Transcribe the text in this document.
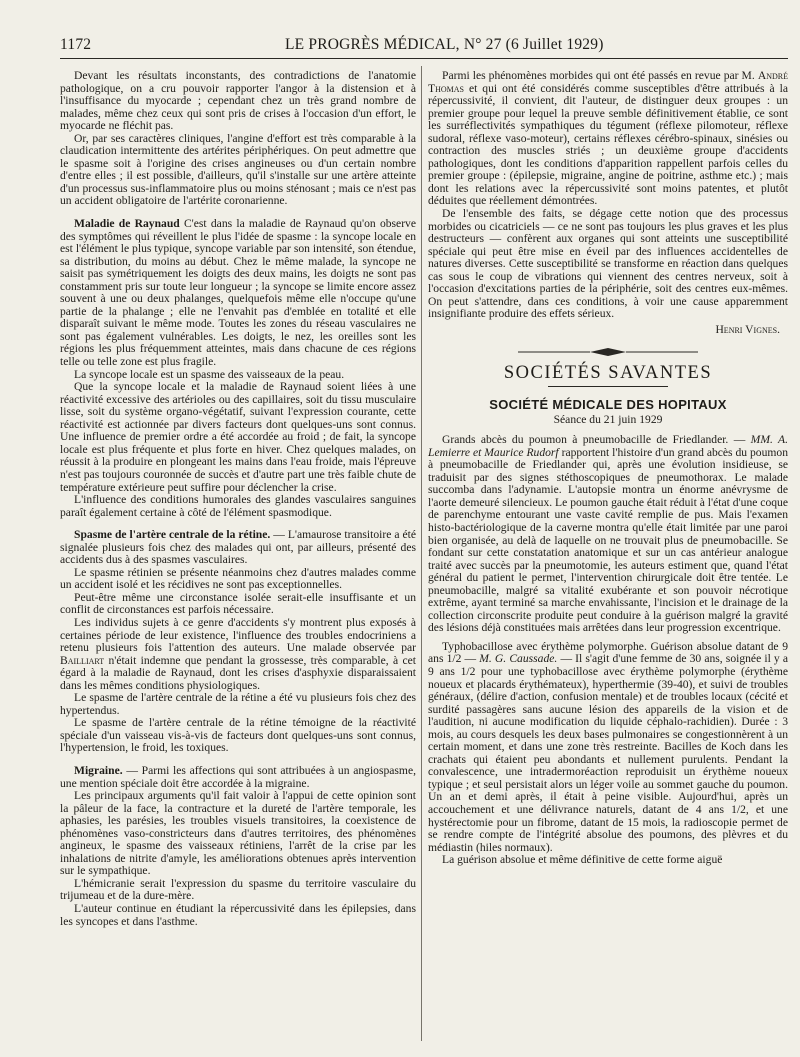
1172	LE PROGRÈS MÉDICAL, N° 27 (6 Juillet 1929)

Devant les résultats inconstants, des contradictions de l'anatomie pathologique, on a cru pouvoir rapporter l'angor à la distension et à l'insuffisance du myocarde ; cependant chez un très grand nombre de malades, même chez ceux qui sont pris de crises à l'occasion d'un effort, le myocarde ne fléchit pas.

Or, par ses caractères cliniques, l'angine d'effort est très comparable à la claudication intermittente des artérites périphériques. On peut admettre que le spasme soit à l'origine des crises angineuses ou d'un certain nombre d'entre elles ; il est possible, d'ailleurs, qu'il s'installe sur une artère atteinte d'un processus sus-inflammatoire plus ou moins sténosant ; mais ce n'est pas un accident obligatoire de l'artérite coronarienne.

Maladie de Raynaud C'est dans la maladie de Raynaud qu'on observe des symptômes qui réveillent le plus l'idée de spasme : la syncope locale en est l'élément le plus typique, syncope variable par son intensité, son étendue, sa distribution, du moins au début. Chez le même malade, la syncope ne saisit pas symétriquement les doigts des deux mains, les doigts ne sont pas constamment pris sur toute leur longueur ; la syncope se limite encore assez souvent à une ou deux phalanges, quelquefois même elle n'occupe qu'une partie de la phalange ; elle ne l'envahit pas d'emblée en totalité et elle disparaît suivant le même mode. Toutes les zones du réseau vasculaires ne sont pas également vulnérables. Les doigts, le nez, les oreilles sont les régions les plus fréquemment atteintes, mais dans chacune de ces régions telle ou telle zone est plus fragile.

La syncope locale est un spasme des vaisseaux de la peau.

Que la syncope locale et la maladie de Raynaud soient liées à une réactivité excessive des artérioles ou des capillaires, soit du tissu musculaire lisse, soit du système organo-végétatif, suivant l'expression courante, cette réactivité est actionnée par divers facteurs dont quelques-uns sont connus. Une influence de premier ordre a été accordée au froid ; de fait, la syncope locale est plus fréquente et plus forte en hiver. Chez quelques malades, on réussit à la produire en plongeant les mains dans l'eau froide, mais l'épreuve n'est pas toujours couronnée de succès et d'autre part une très faible chute de température extérieure peut suffire pour déclencher la crise.

L'influence des conditions humorales des glandes vasculaires sanguines paraît également certaine à côté de l'élément spasmodique.

Spasme de l'artère centrale de la rétine. — L'amaurose transitoire a été signalée plusieurs fois chez des malades qui ont, par ailleurs, présenté des accidents dus à des spasmes vasculaires.

Le spasme rétinien se présente néanmoins chez d'autres malades comme un accident isolé et les récidives ne sont pas exceptionnelles.

Peut-être même une circonstance isolée serait-elle insuffisante et un conflit de circonstances est parfois nécessaire.

Les individus sujets à ce genre d'accidents s'y montrent plus exposés à certaines période de leur existence, l'influence des troubles endocriniens a retenu plusieurs fois l'attention des auteurs. Une malade observée par Bailliart n'était indemne que pendant la grossesse, très comparable, à cet égard à la maladie de Raynaud, dont les crises d'asphyxie disparaissaient dans les mêmes conditions physiologiques.

Le spasme de l'artère centrale de la rétine a été vu plusieurs fois chez des hypertendus.

Le spasme de l'artère centrale de la rétine témoigne de la réactivité spéciale d'un vaisseau vis-à-vis de facteurs dont quelques-uns sont connus, l'hypertension, le froid, les toxiques.

Migraine. — Parmi les affections qui sont attribuées à un angiospasme, une mention spéciale doit être accordée à la migraine.

Les principaux arguments qu'il fait valoir à l'appui de cette opinion sont la pâleur de la face, la contracture et la dureté de l'artère temporale, les aphasies, les parésies, les troubles visuels transitoires, la coexistence de phénomènes vaso-constricteurs dans d'autres territoires, des phénomènes angineux, le spasme des vaisseaux rétiniens, l'arrêt de la crise par les inhalations de nitrite d'amyle, les améliorations obtenues après intervention sur le sympathique.

L'hémicranie serait l'expression du spasme du territoire vasculaire du trijumeau et de la dure-mère.

L'auteur continue en étudiant la répercussivité dans les épilepsies, dans les syncopes et dans l'asthme.

Parmi les phénomènes morbides qui ont été passés en revue par M. André Thomas et qui ont été considérés comme susceptibles d'être attribués à la répercussivité, il convient, dit l'auteur, de distinguer deux groupes : un premier groupe pour lequel la preuve semble définitivement établie, ce sont les surréflectivités sympathiques du tégument (réflexe pilomoteur, réflexe sudoral, réflexe vaso-moteur), certains réflexes cérébro-spinaux, sinésies ou contraction des muscles striés ; un deuxième groupe d'accidents pathologiques, dont les conditions d'apparition rappellent parfois celles du premier groupe : (épilepsie, migraine, angine de poitrine, asthme etc.) ; mais dont les relations avec la répercussivité sont moins patentes, et plutôt déduites que réellement démontrées.

De l'ensemble des faits, se dégage cette notion que des processus morbides ou cicatriciels — ce ne sont pas toujours les plus graves et les plus destructeurs — confèrent aux organes qui sont atteints une susceptibilité spéciale qui peut être mise en éveil par des influences accidentelles de natures diverses. Cette susceptibilité se transforme en réaction dans quelques cas sous le coup de vibrations qui viennent des centres nerveux, soit à l'occasion d'excitations parties de la périphérie, soit des centres eux-mêmes. On peut s'attendre, dans ces conditions, à voir une cause apparemment insignifiante produire des effets sérieux.

Henri Vignes.
SOCIÉTÉS SAVANTES
SOCIÉTÉ MÉDICALE DES HOPITAUX
Séance du 21 juin 1929

Grands abcès du poumon à pneumobacille de Friedlander. — MM. A. Lemierre et Maurice Rudorf rapportent l'histoire d'un grand abcès du poumon à pneumobacille de Friedlander qui, après une évolution insidieuse, se traduisit par des signes stéthoscopiques de pneumothorax. Le malade succomba dans l'adynamie. L'autopsie montra un énorme anévrysme de l'aorte demeuré silencieux. Le poumon gauche était réduit à l'état d'une coque de parenchyme entourant une vaste cavité remplie de pus. Mais l'examen histo-bactériologique de la caverne montra qu'elle était limitée par une paroi bien organisée, au delà de laquelle on ne trouvait plus de pneumobacille. Se fondant sur cette constatation anatomique et sur un cas antérieur analogue traité avec succès par la pneumotomie, les auteurs estiment que, quand l'état général du patient le permet, l'intervention chirurgicale doit être tentée. Le pneumobacille, malgré sa vitalité exubérante et son pouvoir nécrotique extrême, ayant terminé sa marche envahissante, l'incision et le drainage de la collection circonscrite produite peut conduire à la guérison malgré la gravité des lésions déjà constituées mais arrêtées dans leur progression excentrique.

Typhobacillose avec érythème polymorphe. Guérison absolue datant de 9 ans 1/2 — M. G. Caussade. — Il s'agit d'une femme de 30 ans, soignée il y a 9 ans 1/2 pour une typhobacillose avec érythème polymorphe (érythème noueux et placards érythémateux), hyperthermie (39-40), et suivi de troubles généraux, (délire d'action, confusion mentale) et de troubles locaux (cécité et surdité passagères sans aucune lésion des appareils de la vision et de l'audition, ni aucune modification du liquide céphalo-rachidien). Durée : 3 mois, au cours desquels les deux bases pulmonaires se congestionnèrent à un certain moment, et dans une zone très restreinte. Bacilles de Koch dans les crachats qui étaient peu abondants et nullement purulents. Pendant la convalescence, une intradermoréaction reproduisit un érythème noueux typique ; et seul persistait alors un léger voile au sommet gauche du poumon. Un an et demi après, il était à peine visible. Aujourd'hui, après un accouchement et une délivrance naturels, datant de 4 ans 1/2, et une hystérectomie pour un fibrome, datant de 15 mois, la radioscopie permet de se rendre compte de l'intégrité absolue des poumons, des plèvres et du médiastin (hiles normaux).

La guérison absolue et même définitive de cette forme aiguë
